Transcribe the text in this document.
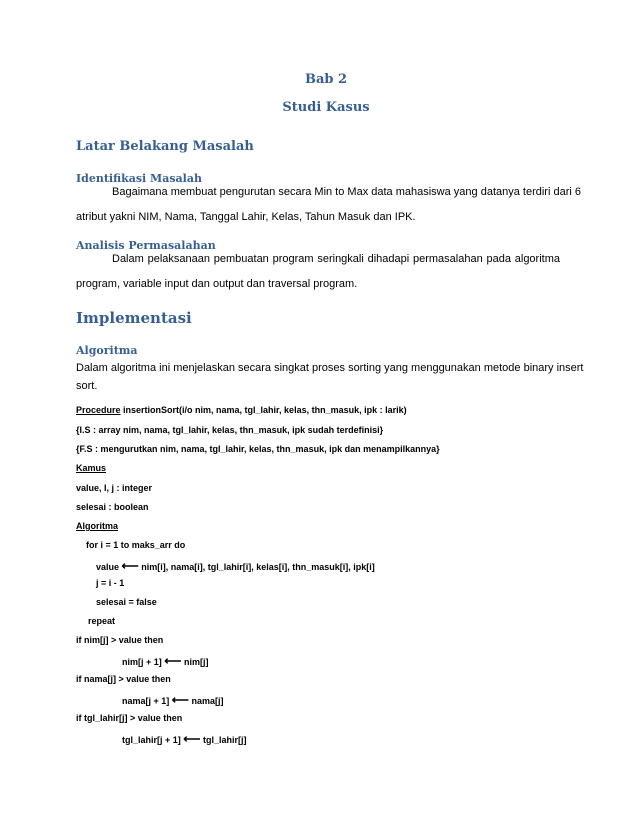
Bab 2
Studi Kasus
Latar Belakang Masalah
Identifikasi Masalah
Bagaimana membuat pengurutan secara Min to Max data mahasiswa yang datanya terdiri dari 6
atribut yakni NIM, Nama, Tanggal Lahir, Kelas, Tahun Masuk dan IPK.
Analisis Permasalahan
Dalam pelaksanaan pembuatan program seringkali dihadapi permasalahan pada algoritma
program, variable input dan output dan traversal program.
Implementasi
Algoritma
Dalam algoritma ini menjelaskan secara singkat proses sorting yang menggunakan metode binary insert
sort.
Procedure insertionSort(i/o nim, nama, tgl_lahir, kelas, thn_masuk, ipk : larik)
{I.S : array nim, nama, tgl_lahir, kelas, thn_masuk, ipk sudah terdefinisi}
{F.S : mengurutkan nim, nama, tgl_lahir, kelas, thn_masuk, ipk dan menampilkannya}
Kamus
value, I, j : integer
selesai : boolean
Algoritma
for i = 1 to maks_arr do
value ⟵ nim[i], nama[i], tgl_lahir[i], kelas[i], thn_masuk[i], ipk[i]
j = i - 1
selesai = false
repeat
if nim[j] > value then
nim[j + 1] ⟵ nim[j]
if nama[j] > value then
nama[j + 1] ⟵ nama[j]
if tgl_lahir[j] > value then
tgl_lahir[j + 1] ⟵ tgl_lahir[j]
